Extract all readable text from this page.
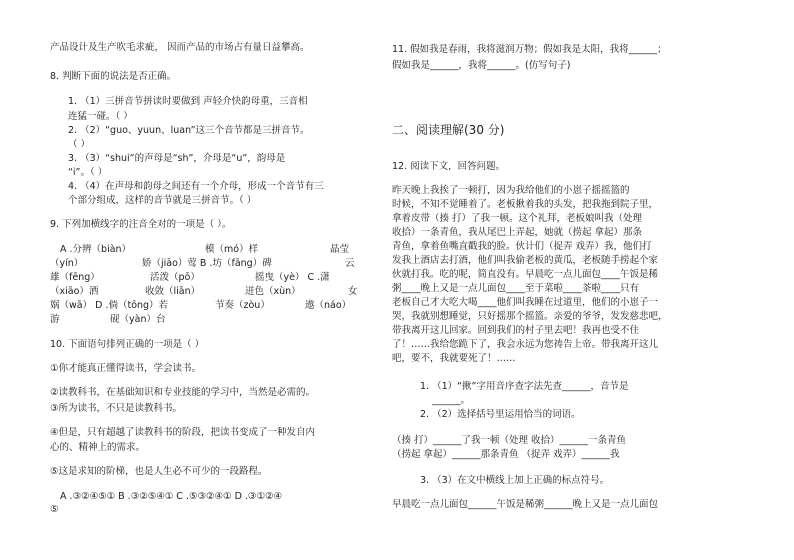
产品设计及生产吹毛求疵， 因而产品的市场占有量日益攀高。
8. 判断下面的说法是否正确。
1. （1）三拼音节拼读时要做到 声轻介快韵母重，三音相
连猛一碰。（ ）
2. （2）“guo、yuun、luan”这三个音节都是三拼音节。
（ ）
3. （3）“shui”的声母是“sh”，介母是“u”，韵母是
“i”。（ ）
4. （4）在声母和韵母之间还有一个介母，形成一个音节有三
个部分组成，这样的音节就是三拼音节。（ ）
9. 下列加横线字的注音全对的一项是（ ）。
A .分辨（biàn）	模（mó）样	晶莹
（yín）	娇（jiāo）莺 B .坊（fāng）碑	云
雄（fēng）	活泼（pō）	摇曳（yè） C .潇
（xiāo）洒	收敛（liān）	迸色（xùn）	女
娲（wā） D .倘（tōng）若	节奏（zòu）	遨（náo）
游	砚（yàn）台
10. 下面语句排列正确的一项是（ ）
①你才能真正懂得读书，学会读书。
②读教科书，在基础知识和专业技能的学习中，当然是必需的。
③所为读书，不只是读教科书。
④但是，只有超越了读教科书的阶段，把读书变成了一种发自内
心的、精神上的需求。
⑤这是求知的阶梯，也是人生必不可少的一段路程。
A .③②④⑤① B .③②⑤④① C .⑤③②④① D .③①②④
⑤
11. 假如我是春雨，我将滋润万物；假如我是太阳，我将______；
假如我是______，我将______。(仿写句子)
二、阅读理解(30 分)
12. 阅读下文，回答问题。
昨天晚上我挨了一顿打，因为我给他们的小崽子摇摇篮的
时候，不知不觉睡着了。老板揪着我的头发，把我拖到院子里，
拿着皮带（揍 打）了我一顿。这个礼拜，老板娘叫我（处理
收拾）一条青鱼，我从尾巴上弄起，她就（捞起 拿起）那条
青鱼，拿着鱼嘴直戳我的脸。伙计们（捉弄 戏弄）我，他们打
发我上酒店去打酒，他们叫我偷老板的黄瓜，老板随手捞起个家
伙就打我。吃的呢，简直没有。早晨吃一点儿面包____午饭是稀
粥____晚上又是一点儿面包____至于菜啦____茶啦____只有
老板自己才大吃大喝____他们叫我睡在过道里，他们的小崽子一
哭，我就别想睡觉，只好摇那个摇篮。亲爱的爷爷，发发慈悲吧，
带我离开这儿回家。回到我们的村子里去吧！我再也受不住
了！……我给您跪下了，我会永远为您祷告上帝。带我离开这儿
吧，要不，我就要死了！……
1. （1）“揪”字用音序查字法先查______，音节是
______。
2. （2）选择括号里运用恰当的词语。
（揍 打）______了我一顿（处理 收拾）______一条青鱼
（捞起 拿起）______那条青鱼 （捉弄 戏弄）______我
3. （3）在文中横线上加上正确的标点符号。
早晨吃一点儿面包______午饭是稀粥______晚上又是一点儿面包
